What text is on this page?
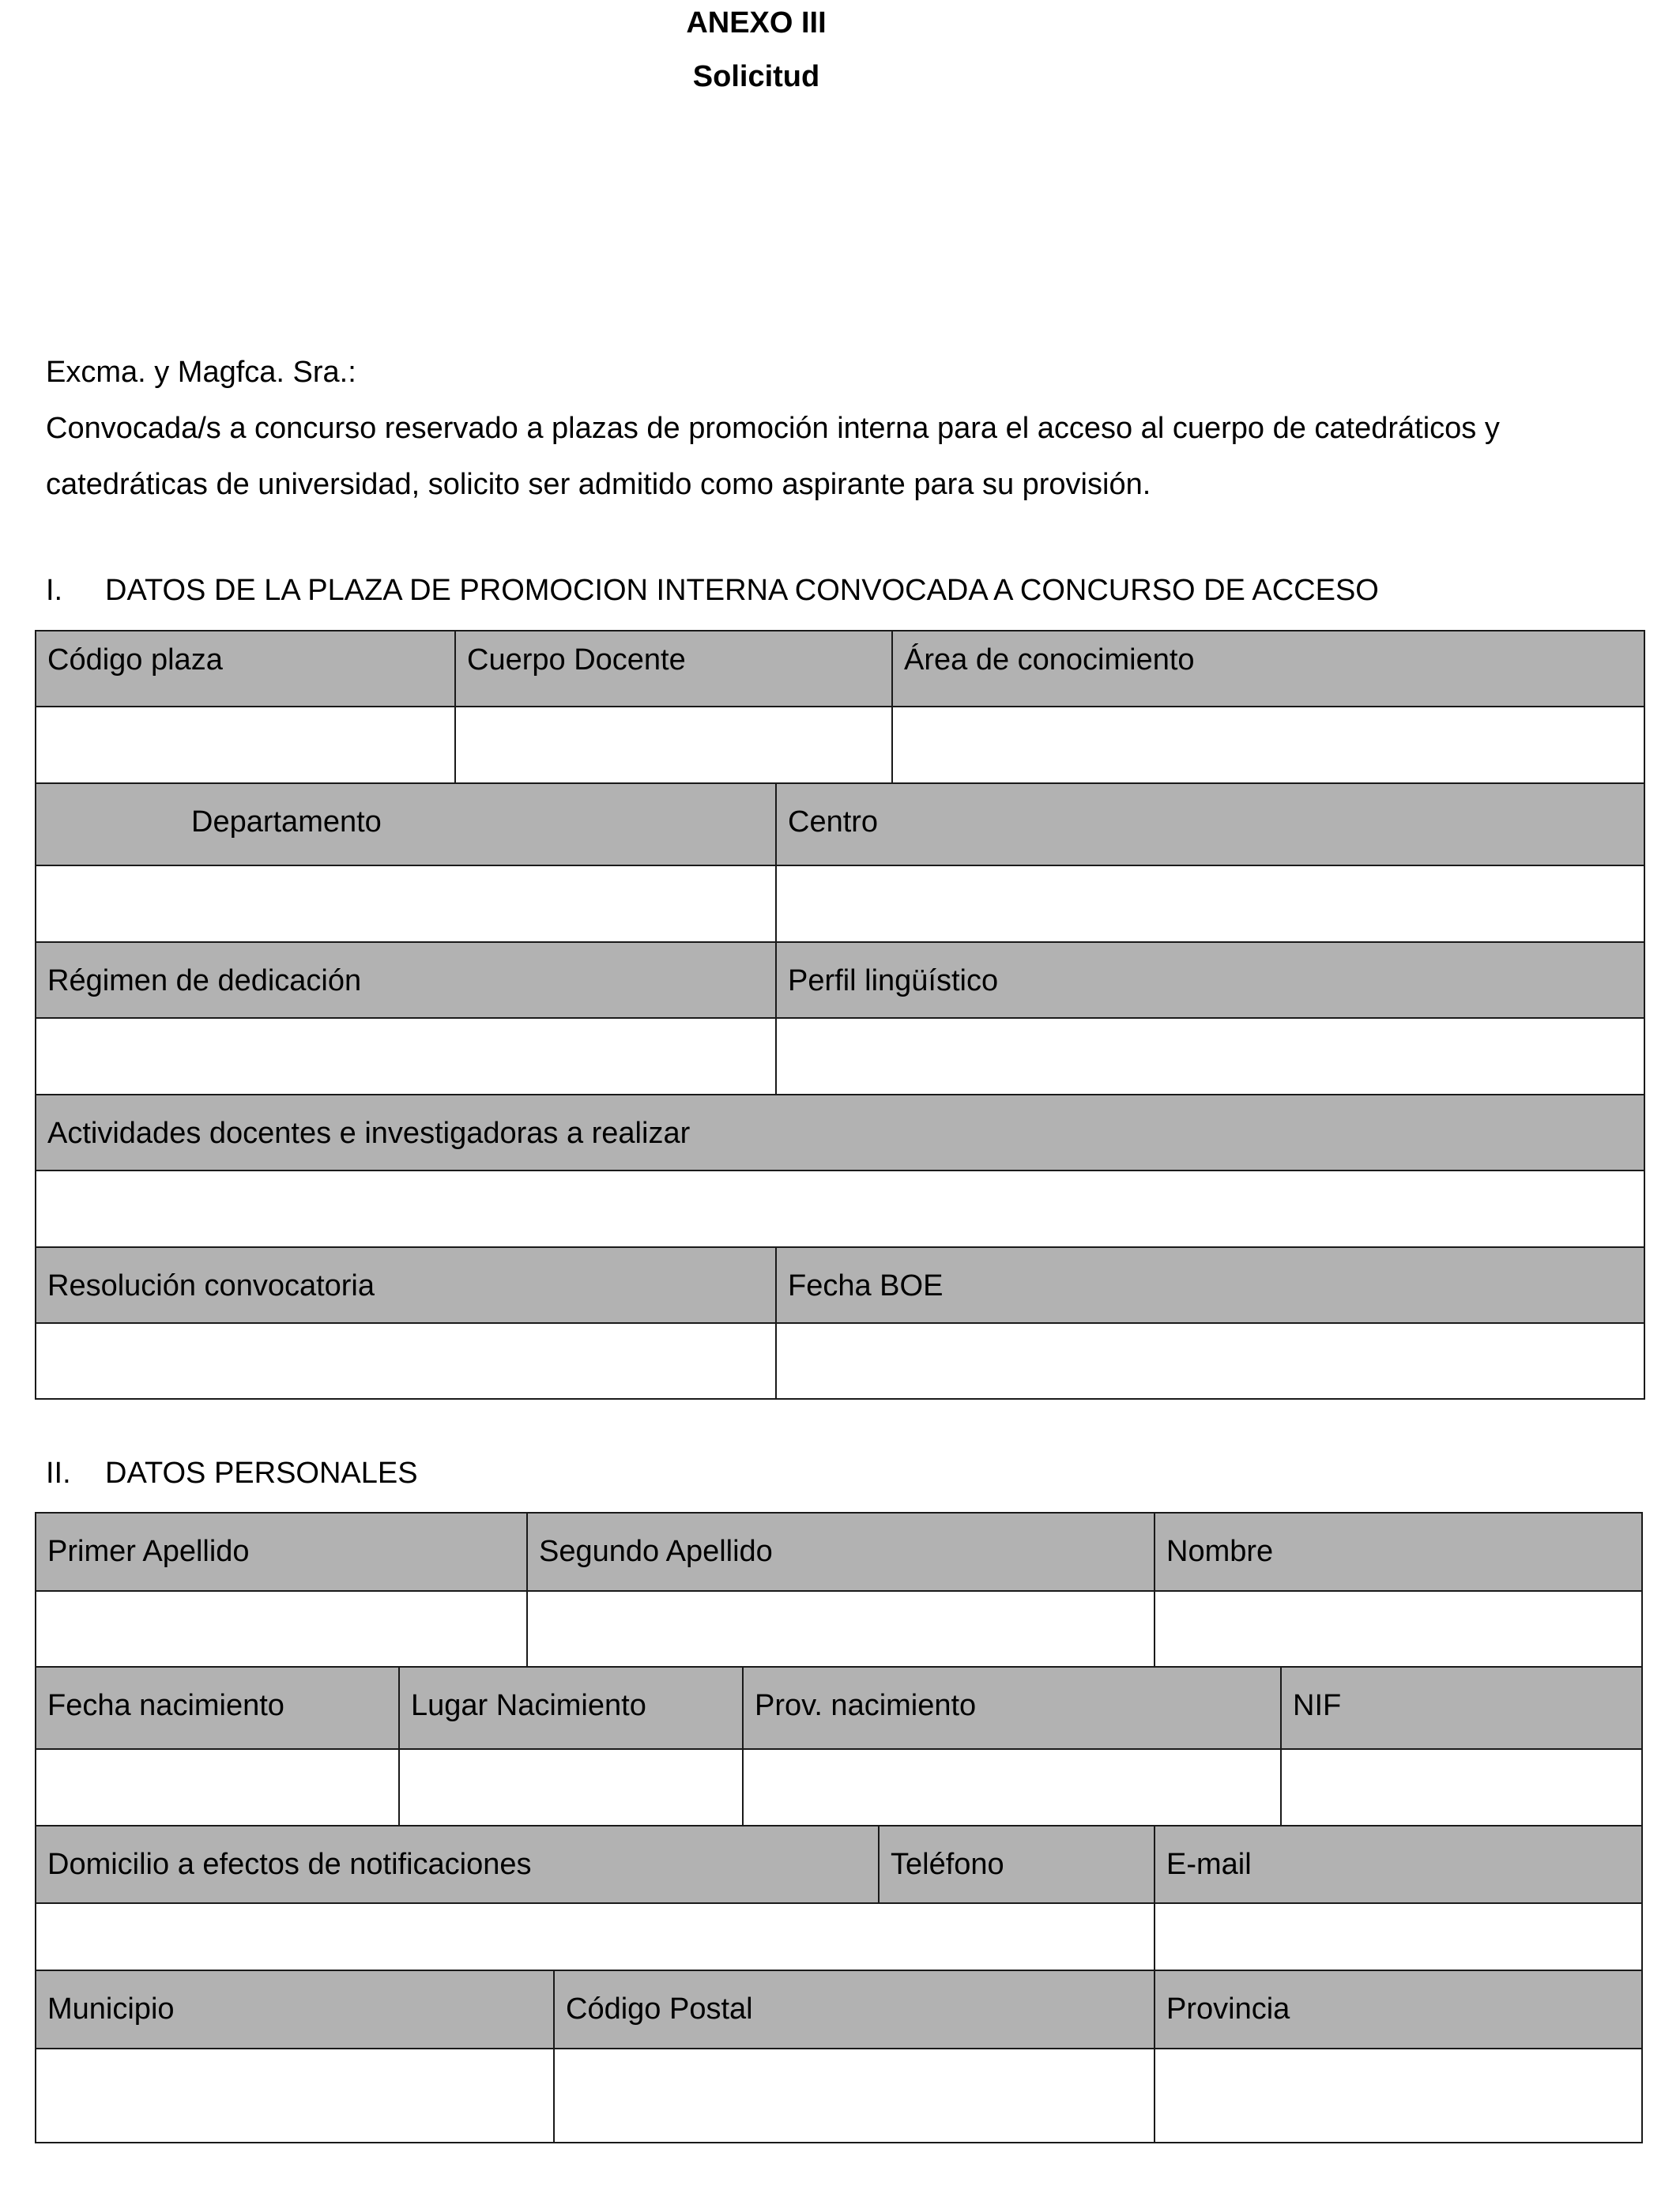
ANEXO III
Solicitud
Excma. y Magfca. Sra.:
Convocada/s a concurso reservado a plazas de promoción interna para el acceso al cuerpo de catedráticos y catedráticas de universidad, solicito ser admitido como aspirante para su provisión.
I. DATOS DE LA PLAZA DE PROMOCION INTERNA CONVOCADA A CONCURSO DE ACCESO
Código plaza	Cuerpo Docente	Área de conocimiento
Departamento	Centro
Régimen de dedicación	Perfil lingüístico
Actividades docentes e investigadoras a realizar
Resolución convocatoria	Fecha BOE
II. DATOS PERSONALES
Primer Apellido	Segundo Apellido	Nombre
Fecha nacimiento	Lugar Nacimiento	Prov. nacimiento	NIF
Domicilio a efectos de notificaciones	Teléfono	E-mail
Municipio	Código Postal	Provincia
